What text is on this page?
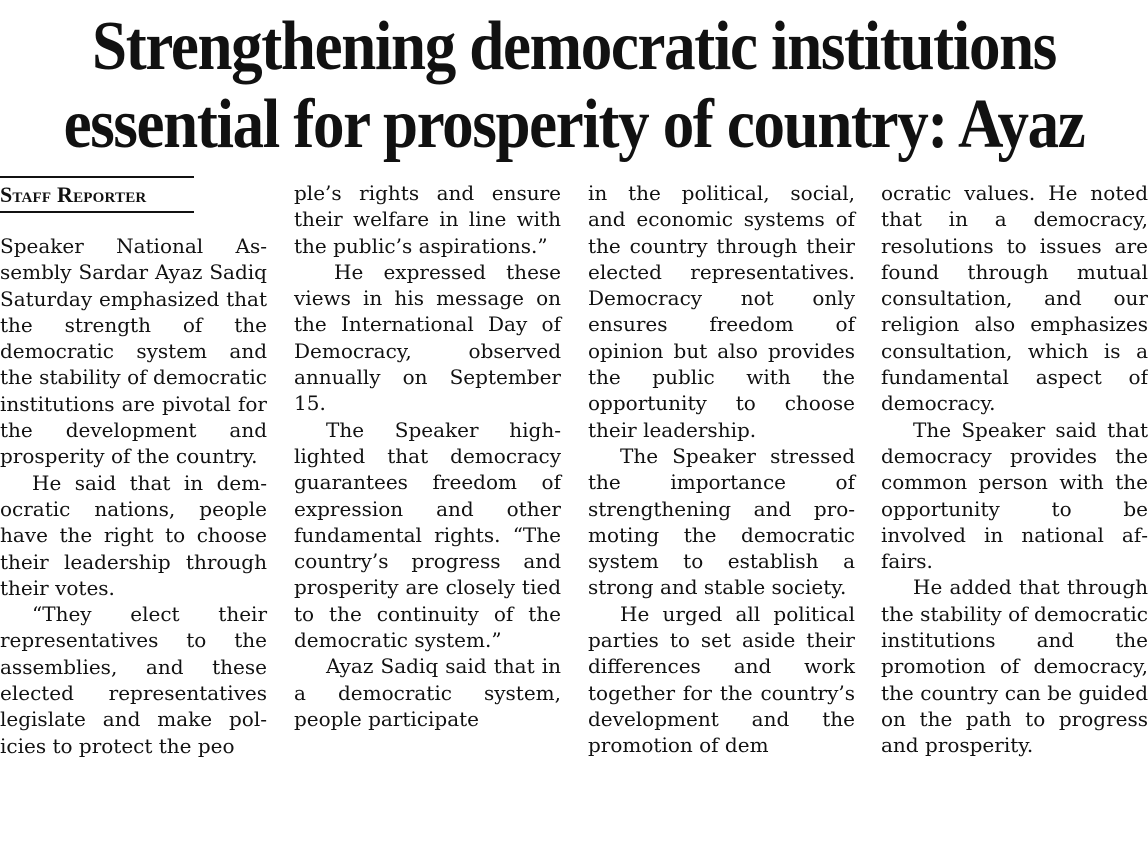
Strengthening democratic institutions
essential for prosperity of country: Ayaz
Staff Reporter

Speaker National Assembly Sardar Ayaz Sadiq Saturday emphasized that the strength of the democratic system and the stability of democratic institutions are pivotal for the development and prosperity of the country.

He said that in democratic nations, people have the right to choose their leadership through their votes.

“They elect their representatives to the assemblies, and these elected representatives legislate and make policies to protect the peo

ple’s rights and ensure their welfare in line with the public’s aspirations.”

He expressed these views in his message on the International Day of Democracy, observed annually on September 15.

The Speaker highlighted that democracy guarantees freedom of expression and other fundamental rights. “The country’s progress and prosperity are closely tied to the continuity of the democratic system.”

Ayaz Sadiq said that in a democratic system, people participate

in the political, social, and economic systems of the country through their elected representatives. Democracy not only ensures freedom of opinion but also provides the public with the opportunity to choose their leadership.

The Speaker stressed the importance of strengthening and promoting the democratic system to establish a strong and stable society.

He urged all political parties to set aside their differences and work together for the country’s development and the promotion of dem

ocratic values. He noted that in a democracy, resolutions to issues are found through mutual consultation, and our religion also emphasizes consultation, which is a fundamental aspect of democracy.

The Speaker said that democracy provides the common person with the opportunity to be involved in national affairs.

He added that through the stability of democratic institutions and the promotion of democracy, the country can be guided on the path to progress and prosperity.
